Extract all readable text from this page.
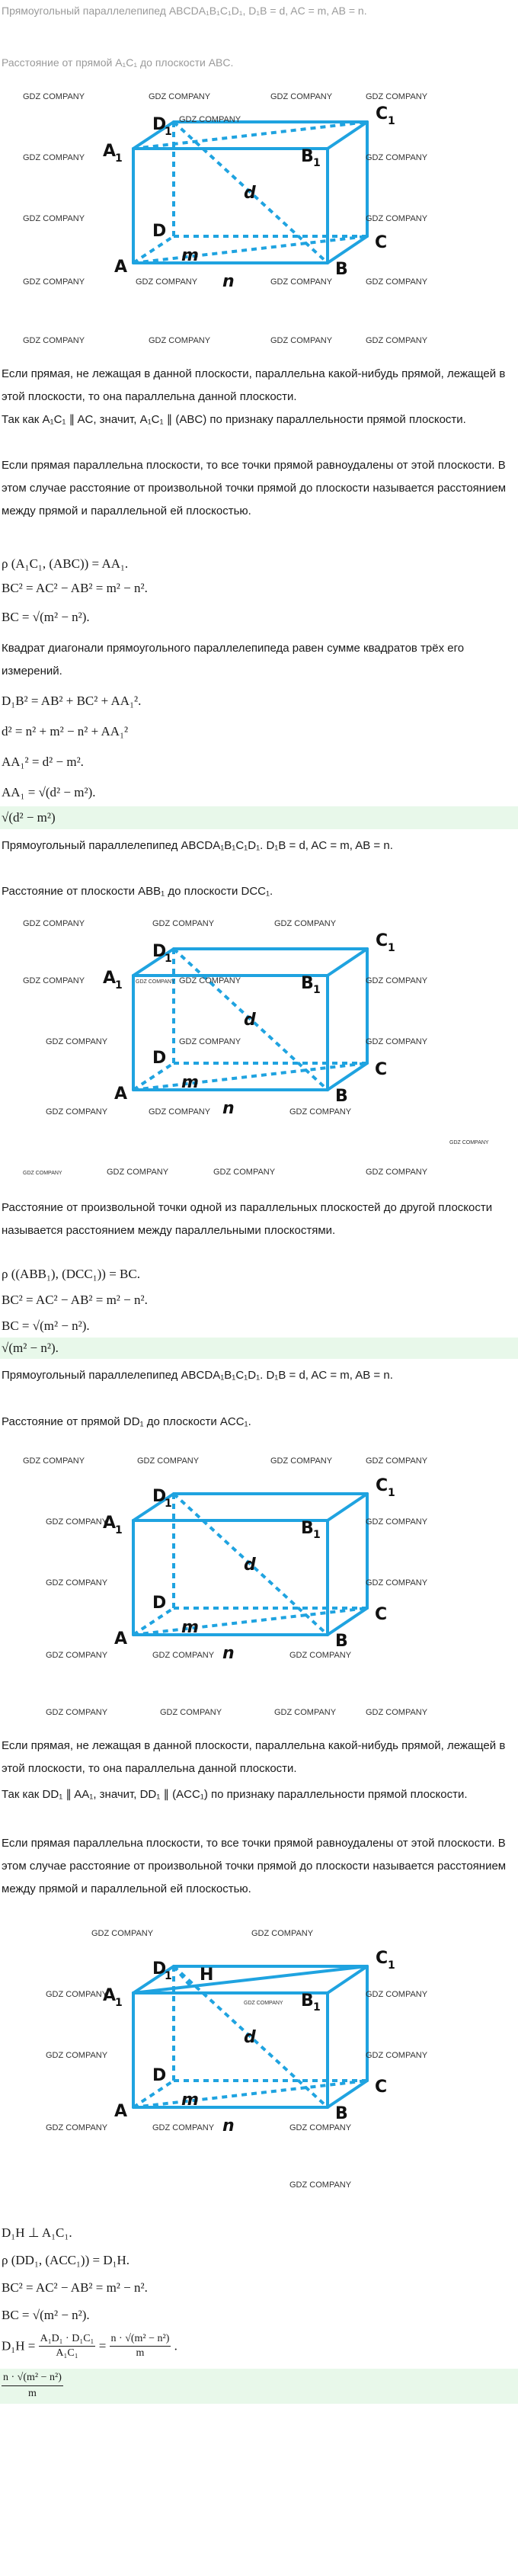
Прямоугольный параллелепипед ABCDA₁B₁C₁D₁, D₁B = d, AC = m, AB = n.
Расстояние от прямой A₁C₁ до плоскости ABC.
A	B
C
D
A
1	B 1
C 1
D
1
d
m
n
GDZ COMPANY	GDZ COMPANY	GDZ COMPANY	GDZ COMPANY
GDZ COMPANY
GDZ COMPANY	GDZ COMPANY
GDZ COMPANY	GDZ COMPANY
GDZ COMPANY	GDZ COMPANY	GDZ COMPANY	GDZ COMPANY
GDZ COMPANY	GDZ COMPANY	GDZ COMPANY	GDZ COMPANY
Если прямая, не лежащая в данной плоскости, параллельна какой-нибудь прямой, лежащей в этой плоскости, то она параллельна данной плоскости.
Так как A₁C₁ ∥ AC, значит, A₁C₁ ∥ (ABC) по признаку параллельности прямой плоскости.
Если прямая параллельна плоскости, то все точки прямой равноудалены от этой плоскости. В этом случае расстояние от произвольной точки прямой до плоскости называется расстоянием между прямой и параллельной ей плоскостью.
ρ (A₁C₁, (ABC)) = AA₁.
BC² = AC² − AB² = m² − n².
BC = √(m² − n²).
Квадрат диагонали прямоугольного параллелепипеда равен сумме квадратов трёх его измерений.
D₁B² = AB² + BC² + AA₁².
d² = n² + m² − n² + AA₁²
AA₁² = d² − m².
AA₁ = √(d² − m²).
√(d² − m²)
Прямоугольный параллелепипед ABCDA₁B₁C₁D₁. D₁B = d, AC = m, AB = n.
Расстояние от плоскости ABB₁ до плоскости DCC₁.
A	B
C
D
A
1	B 1
C 1
D
1
d
m
n
GDZ COMPANY	GDZ COMPANY	GDZ COMPANY
GDZ COMPANY
GDZ COMPANY	GDZ COMPANY
GDZ COMPANY
GDZ COMPANY	GDZ COMPANY	GDZ COMPANY
GDZ COMPANY	GDZ COMPANY	GDZ COMPANY
GDZ COMPANY
GDZ COMPANY	GDZ COMPANY	GDZ COMPANY	GDZ COMPANY
Расстояние от произвольной точки одной из параллельных плоскостей до другой плоскости называется расстоянием между параллельными плоскостями.
ρ ((ABB₁), (DCC₁)) = BC.
BC² = AC² − AB² = m² − n².
BC = √(m² − n²).
√(m² − n²).
Прямоугольный параллелепипед ABCDA₁B₁C₁D₁. D₁B = d, AC = m, AB = n.
Расстояние от прямой DD₁ до плоскости ACC₁.
A	B
C
D
A
1	B 1
C 1
D
1
d
m
n
GDZ COMPANY	GDZ COMPANY	GDZ COMPANY	GDZ COMPANY
GDZ COMPANY	GDZ COMPANY
GDZ COMPANY	GDZ COMPANY
GDZ COMPANY	GDZ COMPANY	GDZ COMPANY
GDZ COMPANY	GDZ COMPANY	GDZ COMPANY	GDZ COMPANY
Если прямая, не лежащая в данной плоскости, параллельна какой-нибудь прямой, лежащей в этой плоскости, то она параллельна данной плоскости.
Так как DD₁ ∥ AA₁, значит, DD₁ ∥ (ACC₁) по признаку параллельности прямой плоскости.
Если прямая параллельна плоскости, то все точки прямой равноудалены от этой плоскости. В этом случае расстояние от произвольной точки прямой до плоскости называется расстоянием между прямой и параллельной ей плоскостью.
A	B
C
D
A
1	B 1
C 1
D
1 H
d
m
n
GDZ COMPANY	GDZ COMPANY
GDZ COMPANY	GDZ COMPANY
GDZ COMPANY
GDZ COMPANY	GDZ COMPANY
GDZ COMPANY	GDZ COMPANY	GDZ COMPANY
GDZ COMPANY
D₁H ⊥ A₁C₁.
ρ (DD₁, (ACC₁)) = D₁H.
BC² = AC² − AB² = m² − n².
BC = √(m² − n²).
$D_1H = \frac{\text{A₁D₁ · D₁C₁}}{\text{A₁C₁}} = \frac{\text{n · √(m² − n²)}}{m}$ .
$\frac{\text{n · √(m² − n²)}}{m}$
